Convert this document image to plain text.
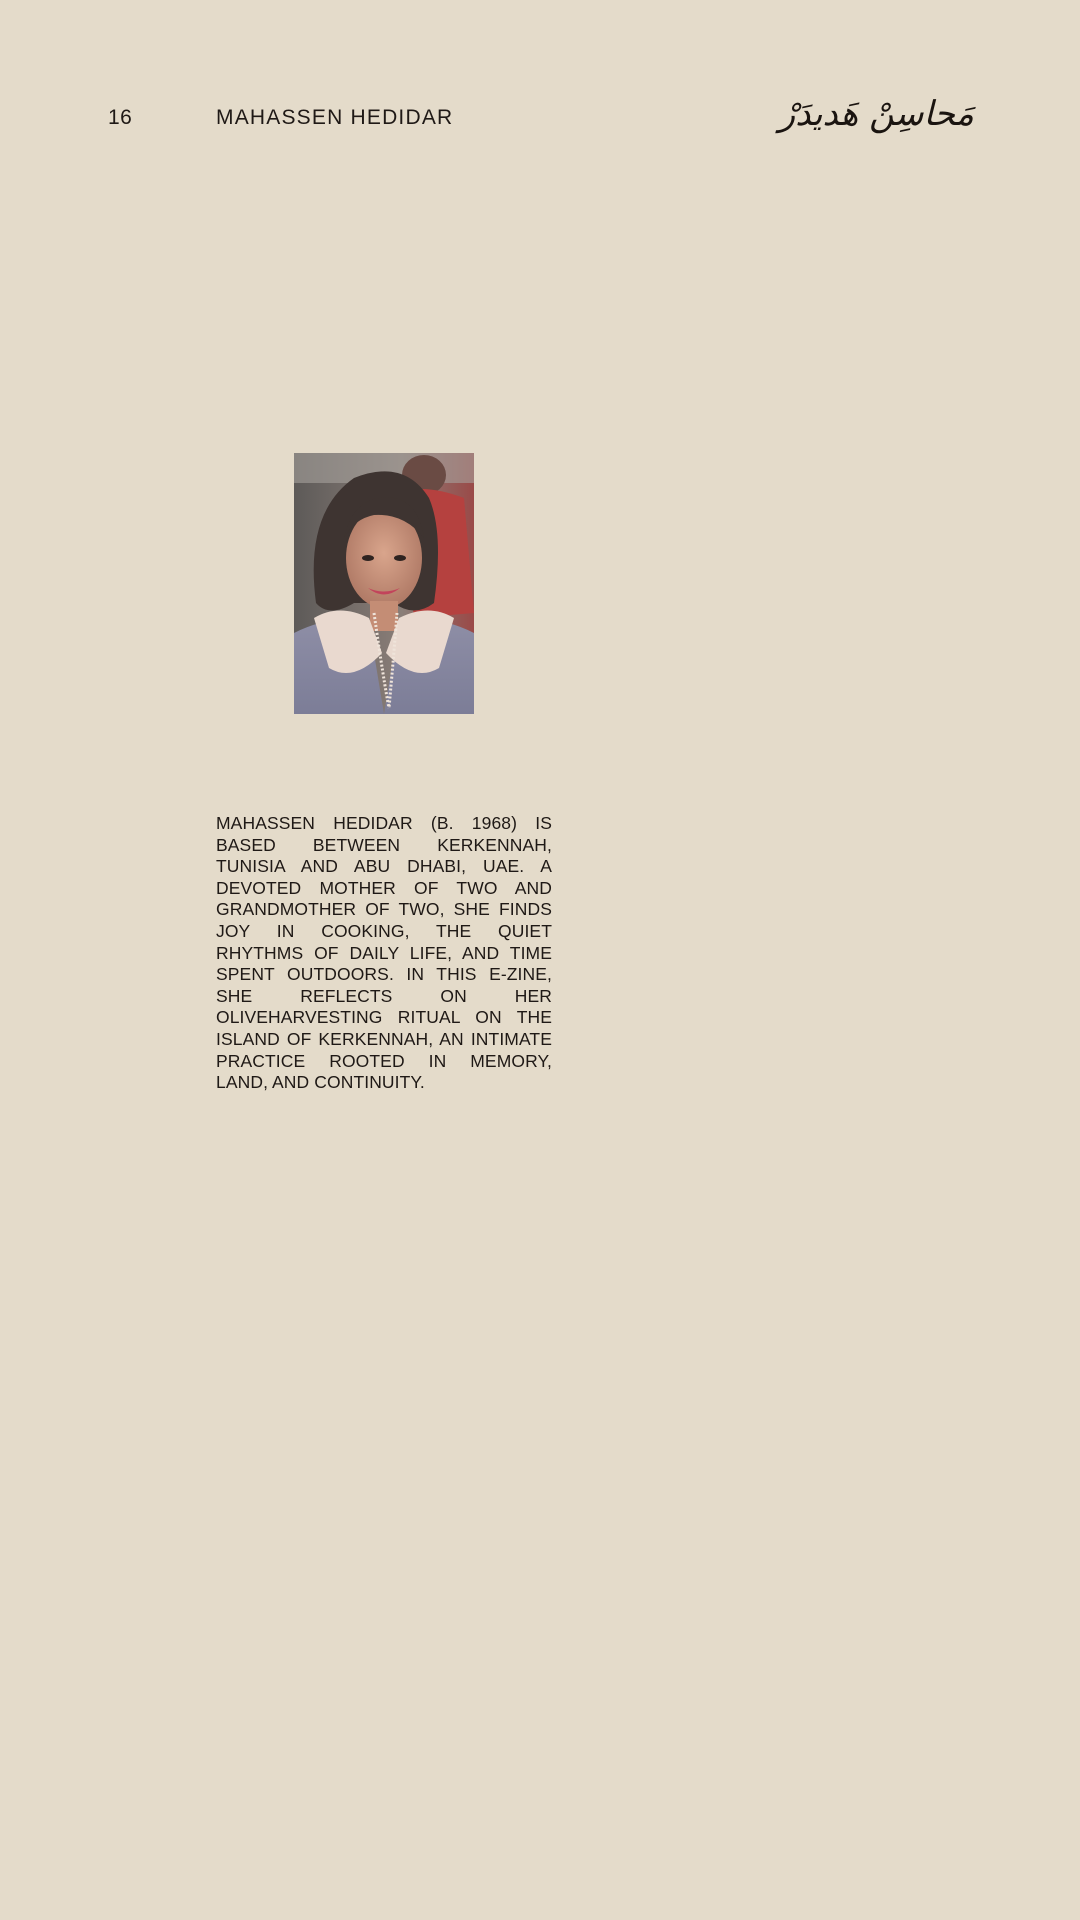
16	MAHASSEN HEDIDAR	مَحاسِنْ هَديدَرْ

MAHASSEN HEDIDAR (B. 1968) IS BASED BETWEEN KERKENNAH, TUNISIA AND ABU DHABI, UAE. A DEVOTED MOTHER OF TWO AND GRANDMOTHER OF TWO, SHE FINDS JOY IN COOKING, THE QUIET RHYTHMS OF DAILY LIFE, AND TIME SPENT OUTDOORS. IN THIS E-ZINE, SHE REFLECTS ON HER OLIVEHARVESTING RITUAL ON THE ISLAND OF KERKENNAH, AN INTIMATE PRACTICE ROOTED IN MEMORY, LAND, AND CONTINUITY.
